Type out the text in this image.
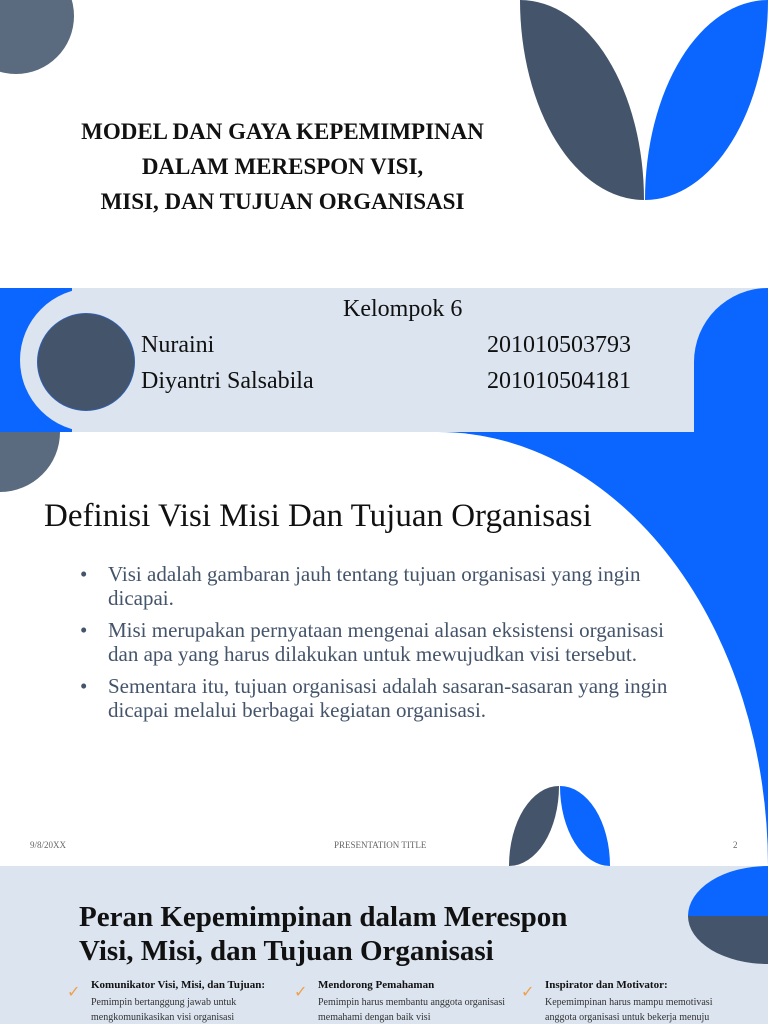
MODEL DAN GAYA KEPEMIMPINAN
DALAM MERESPON VISI,
MISI, DAN TUJUAN ORGANISASI
Kelompok 6
Nuraini	201010503793
Diyantri Salsabila	201010504181
Definisi Visi Misi Dan Tujuan Organisasi
• Visi adalah gambaran jauh tentang tujuan organisasi yang ingin dicapai.
• Misi merupakan pernyataan mengenai alasan eksistensi organisasi dan apa yang harus dilakukan untuk mewujudkan visi tersebut.
• Sementara itu, tujuan organisasi adalah sasaran-sasaran yang ingin dicapai melalui berbagai kegiatan organisasi.
9/8/20XX	PRESENTATION TITLE	2
Peran Kepemimpinan dalam Merespon
Visi, Misi, dan Tujuan Organisasi
✓ Komunikator Visi, Misi, dan Tujuan:
Pemimpin bertanggung jawab untuk mengkomunikasikan visi organisasi
✓ Mendorong Pemahaman
Pemimpin harus membantu anggota organisasi memahami dengan baik visi
✓ Inspirator dan Motivator:
Kepemimpinan harus mampu memotivasi anggota organisasi untuk bekerja menuju
